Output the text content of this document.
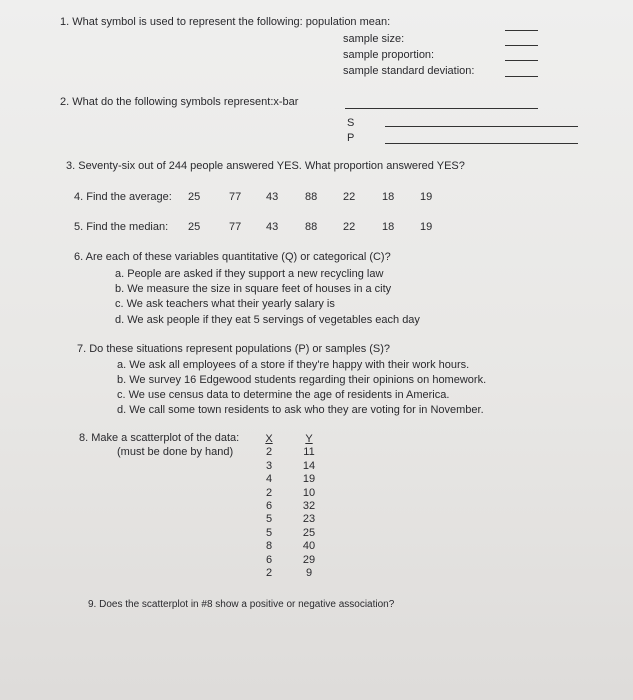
1. What symbol is used to represent the following: population mean:
sample size:
sample proportion:
sample standard deviation:
2. What do the following symbols represent:x-bar
S
P
3. Seventy-six out of 244 people answered YES. What proportion answered YES?
4. Find the average: 25	77 43 88 22 18 19
5. Find the median: 25	77 43 88 22 18 19
6. Are each of these variables quantitative (Q) or categorical (C)?
a. People are asked if they support a new recycling law
b. We measure the size in square feet of houses in a city
c. We ask teachers what their yearly salary is
d. We ask people if they eat 5 servings of vegetables each day
7. Do these situations represent populations (P) or samples (S)?
a. We ask all employees of a store if they're happy with their work hours.
b. We survey 16 Edgewood students regarding their opinions on homework.
c. We use census data to determine the age of residents in America.
d. We call some town residents to ask who they are voting for in November.
8. Make a scatterplot of the data:
(must be done by hand)
X
2
3
4
2
6
5
5
8
6
2
Y
11
14
19
10
32
23
25
40
29
9
9. Does the scatterplot in #8 show a positive or negative association?
